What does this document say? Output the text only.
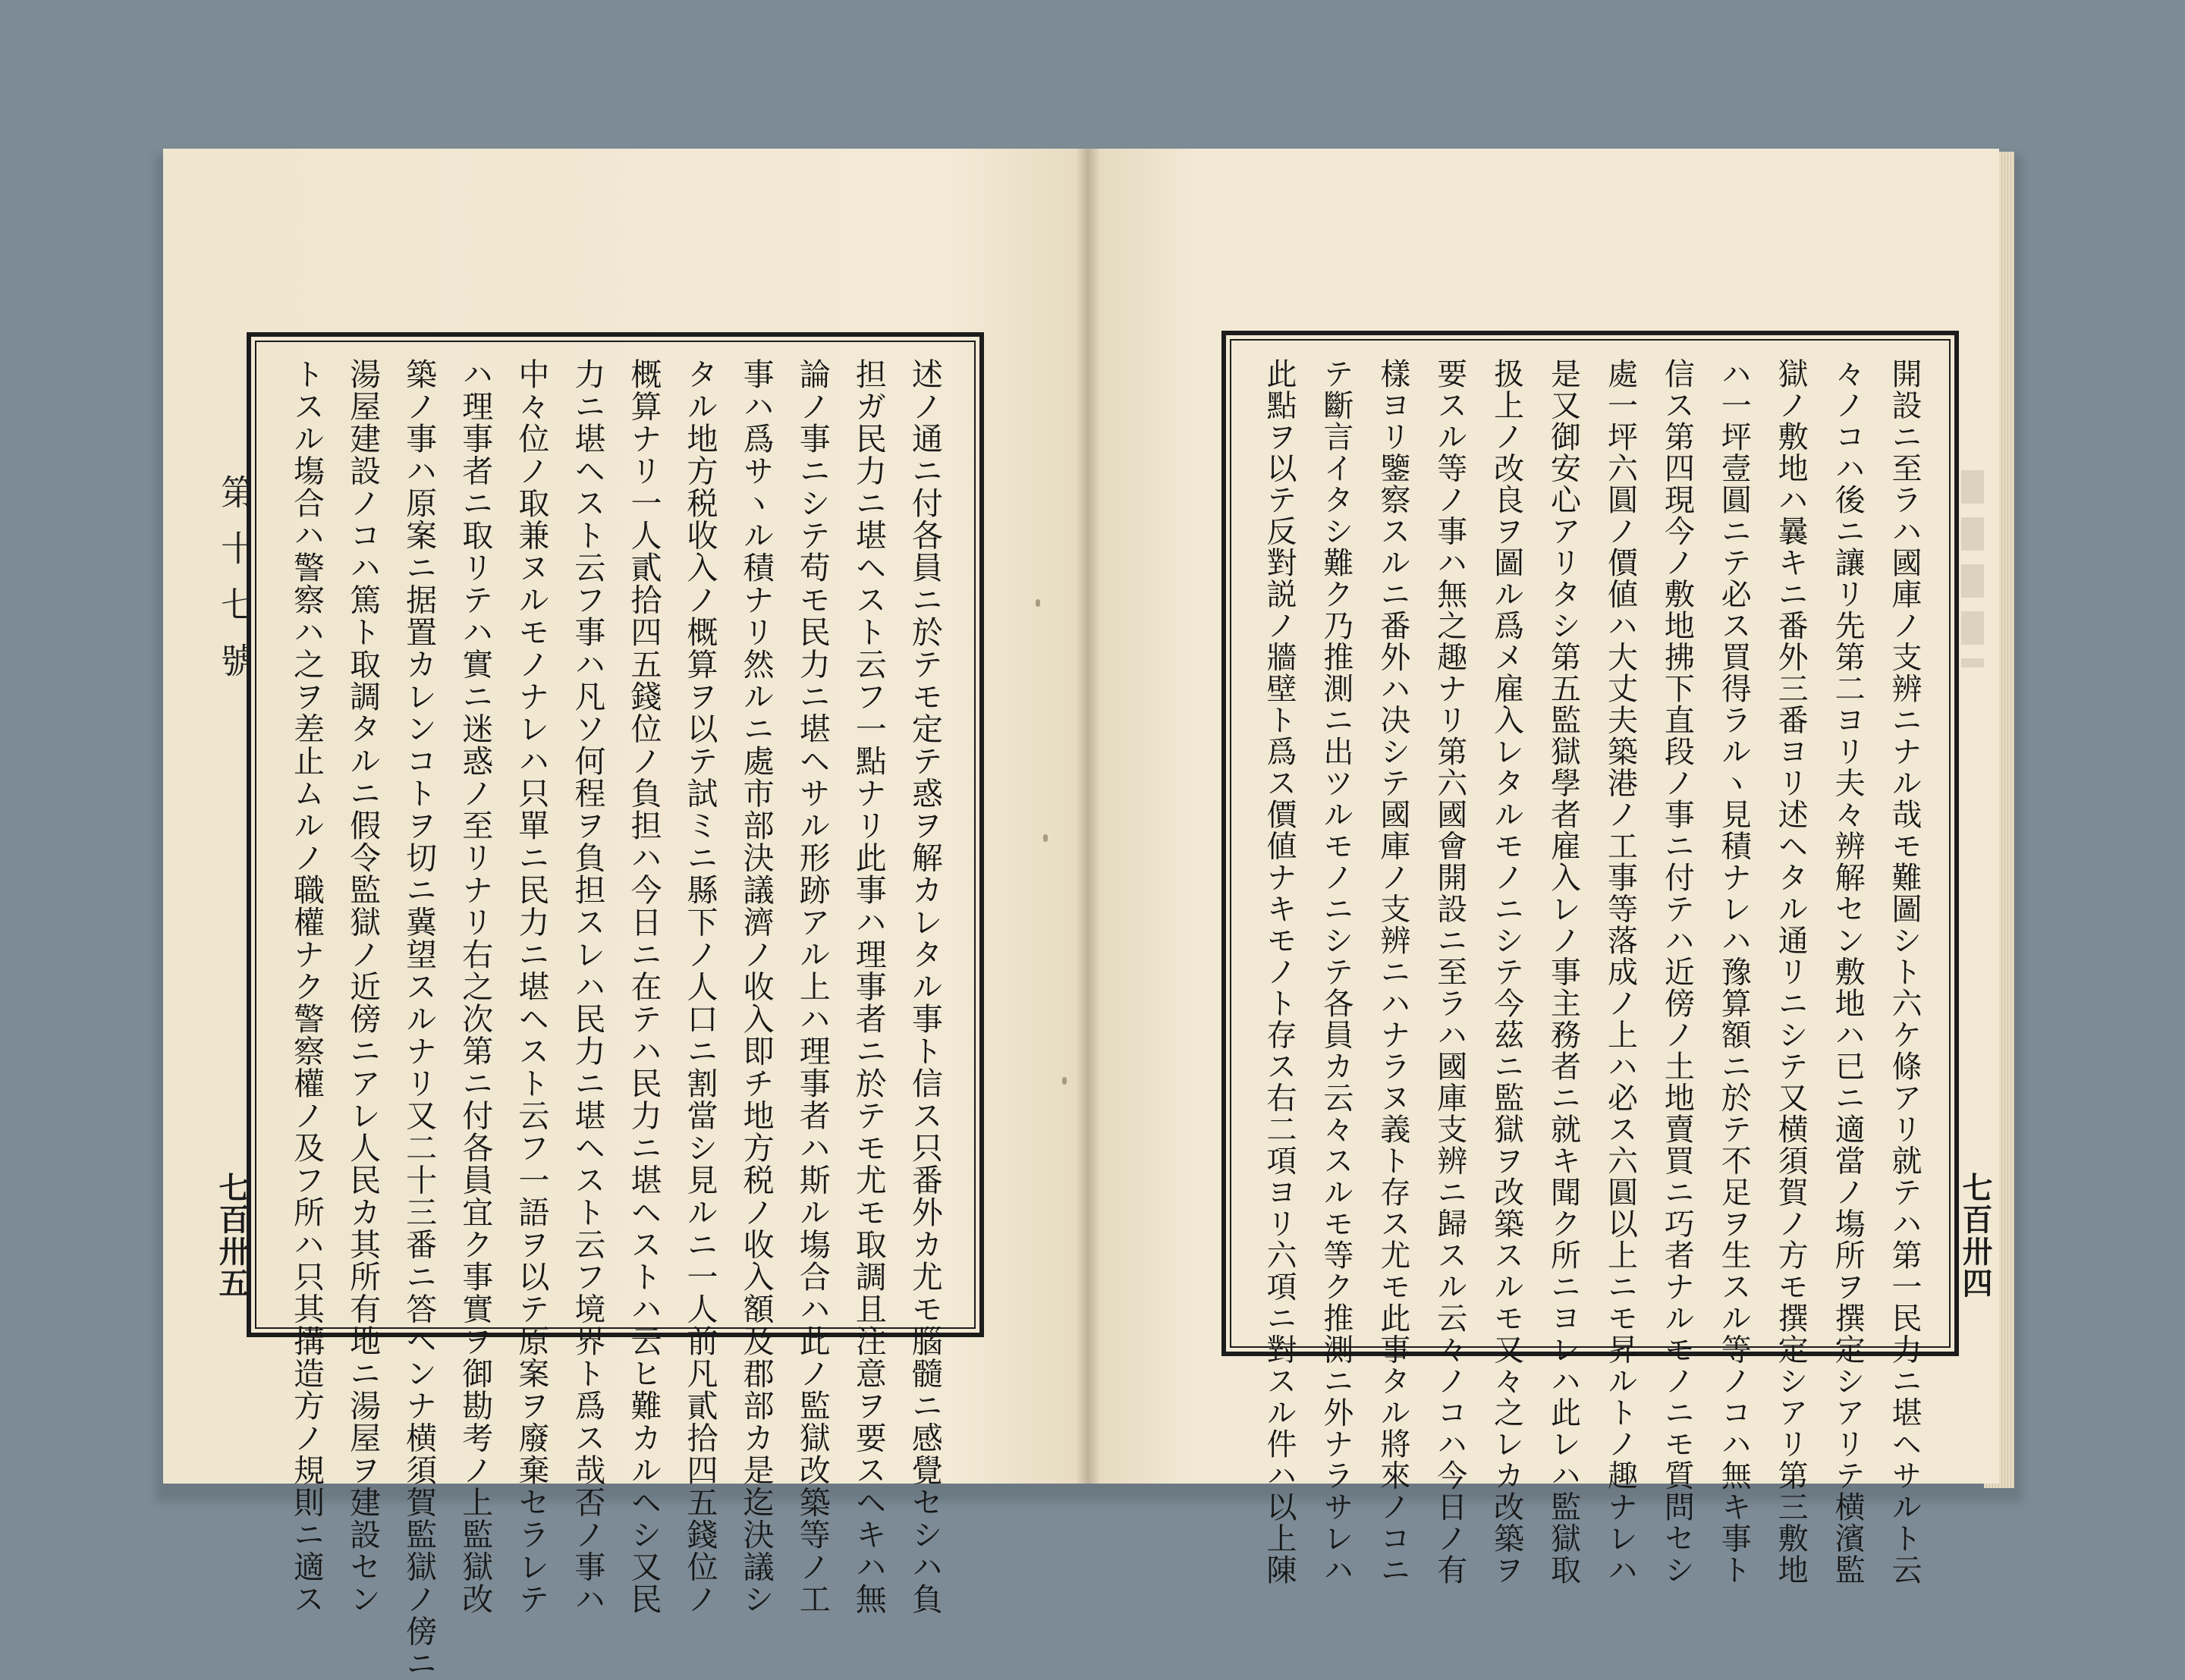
第十七號
七百卅五	七百卅四
述ノ通ニ付各員ニ於テモ定テ惑ヲ解カレタル事ト信ス只番外カ尤モ腦髓ニ感覺セシハ負
担ガ民力ニ堪ヘスト云フ一點ナリ此事ハ理事者ニ於テモ尤モ取調且注意ヲ要スヘキハ無
論ノ事ニシテ苟モ民力ニ堪ヘサル形跡アル上ハ理事者ハ斯ル塲合ハ此ノ監獄改築等ノ工
事ハ爲サヽル積ナリ然ルニ處市部決議濟ノ收入即チ地方税ノ收入額及郡部カ是迄決議シ
タル地方税收入ノ概算ヲ以テ試ミニ縣下ノ人口ニ割當シ見ルニ一人前凡貳拾四五錢位ノ
概算ナリ一人貳拾四五錢位ノ負担ハ今日ニ在テハ民力ニ堪ヘストハ云ヒ難カルヘシ又民
力ニ堪ヘスト云フ事ハ凡ソ何程ヲ負担スレハ民力ニ堪ヘスト云フ境界ト爲ス哉否ノ事ハ
中々位ノ取兼ヌルモノナレハ只單ニ民力ニ堪ヘスト云フ一語ヲ以テ原案ヲ廢棄セラレテ
ハ理事者ニ取リテハ實ニ迷惑ノ至リナリ右之次第ニ付各員宜ク事實ヲ御勘考ノ上監獄改
築ノ事ハ原案ニ据置カレンコトヲ切ニ冀望スルナリ又二十三番ニ答ヘンナ横須賀監獄ノ傍ニ
湯屋建設ノコハ篤ト取調タルニ假令監獄ノ近傍ニアレ人民カ其所有地ニ湯屋ヲ建設セン
トスル塲合ハ警察ハ之ヲ差止ムルノ職權ナク警察權ノ及フ所ハ只其搆造方ノ規則ニ適ス	開設ニ至ラハ國庫ノ支辨ニナル哉モ難圖シト六ケ條アリ就テハ第一民力ニ堪ヘサルト云
々ノコハ後ニ讓リ先第二ヨリ夫々辨解セン敷地ハ已ニ適當ノ塲所ヲ撰定シアリテ横濱監
獄ノ敷地ハ曩キニ番外三番ヨリ述ヘタル通リニシテ又横須賀ノ方モ撰定シアリ第三敷地
ハ一坪壹圓ニテ必ス買得ラルヽ見積ナレハ豫算額ニ於テ不足ヲ生スル等ノコハ無キ事ト
信ス第四現今ノ敷地拂下直段ノ事ニ付テハ近傍ノ土地賣買ニ巧者ナルモノニモ質問セシ
處一坪六圓ノ價値ハ大丈夫築港ノ工事等落成ノ上ハ必ス六圓以上ニモ昇ルトノ趣ナレハ
是又御安心アリタシ第五監獄學者雇入レノ事主務者ニ就キ聞ク所ニヨレハ此レハ監獄取
扱上ノ改良ヲ圖ル爲メ雇入レタルモノニシテ今茲ニ監獄ヲ改築スルモ又々之レカ改築ヲ
要スル等ノ事ハ無之趣ナリ第六國會開設ニ至ラハ國庫支辨ニ歸スル云々ノコハ今日ノ有
樣ヨリ鑒察スルニ番外ハ决シテ國庫ノ支辨ニハナラヌ義ト存ス尤モ此事タル將來ノコニ
テ斷言イタシ難ク乃推測ニ出ツルモノニシテ各員カ云々スルモ等ク推測ニ外ナラサレハ
此點ヲ以テ反對説ノ牆壁ト爲ス價値ナキモノト存ス右二項ヨリ六項ニ對スル件ハ以上陳
